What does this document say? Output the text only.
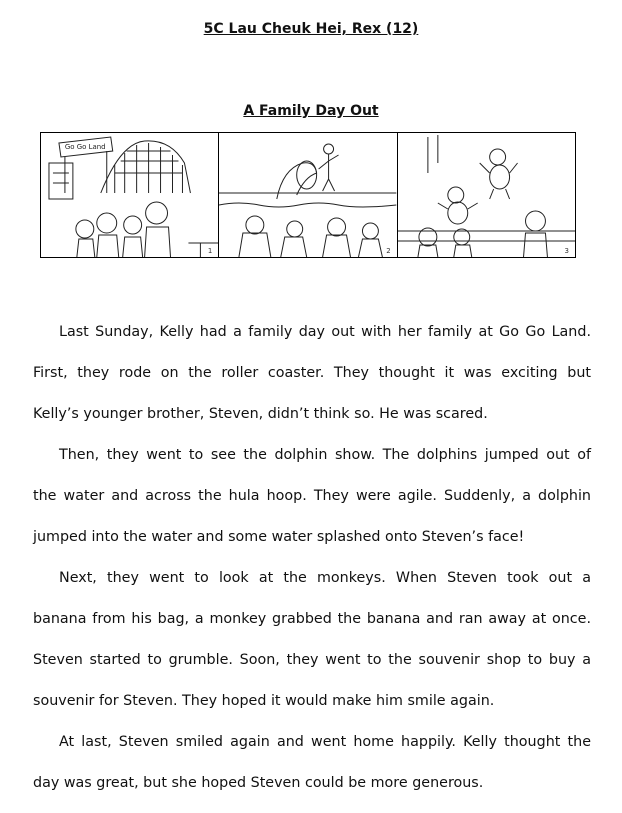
5C Lau Cheuk Hei, Rex (12)
A Family Day Out
Go Go Land
1	2	3
Last Sunday, Kelly had a family day out with her family at Go Go Land.
First, they rode on the roller coaster. They thought it was exciting but
Kelly’s younger brother, Steven, didn’t think so. He was scared.
Then, they went to see the dolphin show. The dolphins jumped out of
the water and across the hula hoop. They were agile. Suddenly, a dolphin
jumped into the water and some water splashed onto Steven’s face!
Next, they went to look at the monkeys. When Steven took out a
banana from his bag, a monkey grabbed the banana and ran away at once.
Steven started to grumble. Soon, they went to the souvenir shop to buy a
souvenir for Steven. They hoped it would make him smile again.
At last, Steven smiled again and went home happily. Kelly thought the
day was great, but she hoped Steven could be more generous.
